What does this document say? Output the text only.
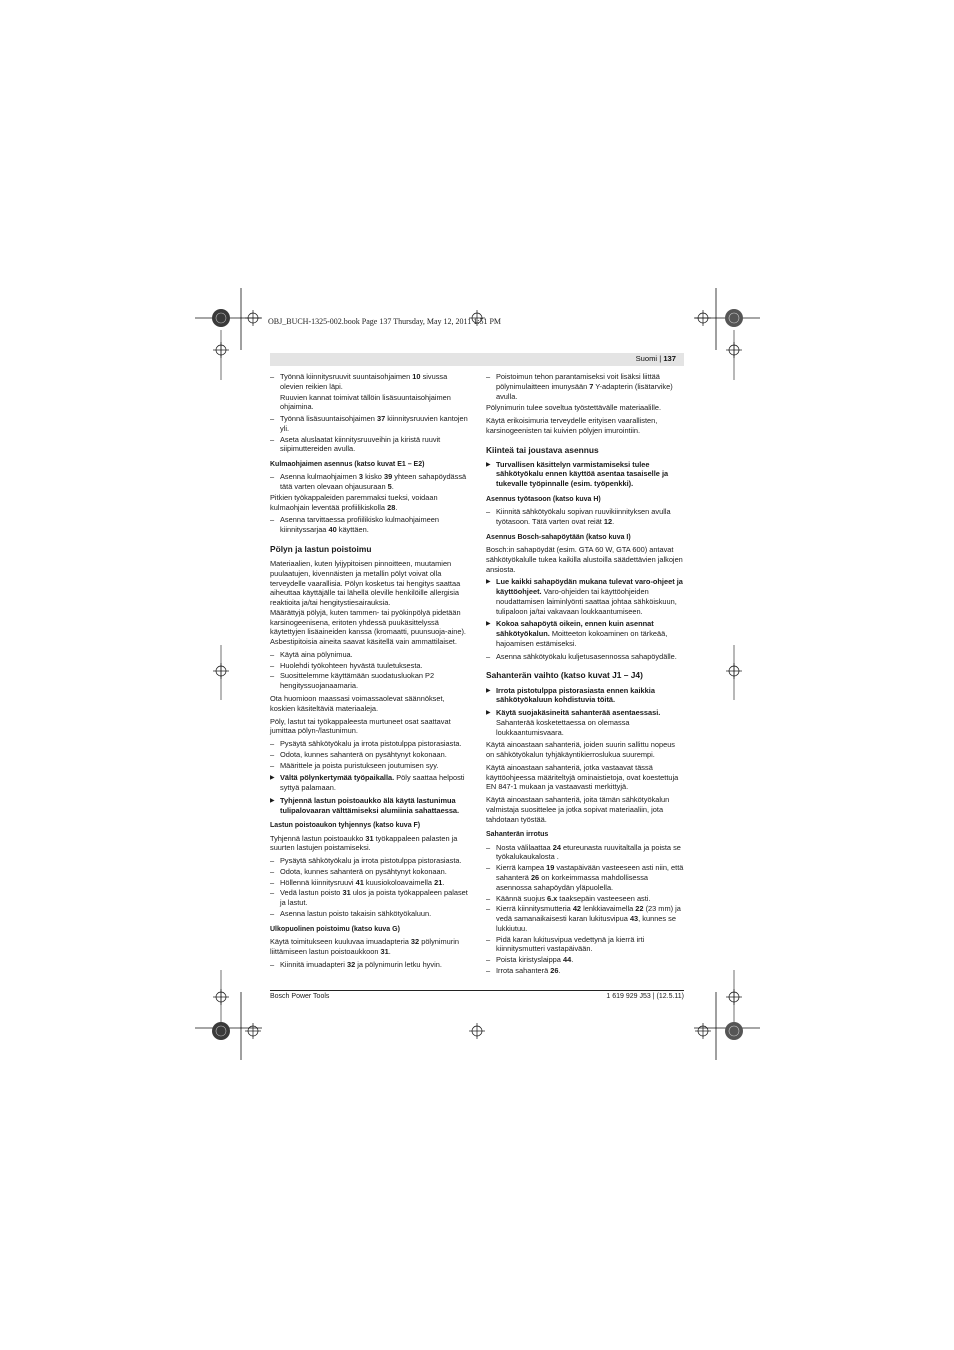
OBJ_BUCH-1325-002.book Page 137 Thursday, May 12, 2011 1:51 PM
Suomi | 137
– Työnnä kiinnitysruuvit suuntaisohjaimen 10 sivussa olevien reikien läpi.
Ruuvien kannat toimivat tällöin lisäsuuntaisohjaimen ohjaimina.
– Työnnä lisäsuuntaisohjaimen 37 kiinnitysruuvien kantojen yli.
– Aseta aluslaatat kiinnitysruuveihin ja kiristä ruuvit siipimuttereiden avulla.
Kulmaohjaimen asennus (katso kuvat E1 – E2)
– Asenna kulmaohjaimen 3 kisko 39 yhteen sahapöydässä tätä varten olevaan ohjausuraan 5.

Pitkien työkappaleiden paremmaksi tueksi, voidaan kulmaohjain leventää profiilikiskolla 28.

– Asenna tarvittaessa profiilikisko kulmaohjaimeen kiinnityssarjaa 40 käyttäen.
Pölyn ja lastun poistoimu

Materiaalien, kuten lyijypitoisen pinnoitteen, muutamien puulaatujen, kivennäisten ja metallin pölyt voivat olla terveydelle vaarallisia. Pölyn kosketus tai hengitys saattaa aiheuttaa käyttäjälle tai lähellä oleville henkilöille allergisia reaktioita ja/tai hengitystiesairauksia.

Määrättyjä pölyjä, kuten tammen- tai pyökinpölyä pidetään karsinogeenisena, eritoten yhdessä puukäsittelyssä käytettyjen lisäaineiden kanssa (kromaatti, puunsuoja-aine). Asbestipitoisia aineita saavat käsitellä vain ammattilaiset.

– Käytä aina pölynimua.
– Huolehdi työkohteen hyvästä tuuletuksesta.
– Suosittelemme käyttämään suodatusluokan P2 hengityssuojanaamaria.

Ota huomioon maassasi voimassaolevat säännökset, koskien käsiteltäviä materiaaleja.

Pöly, lastut tai työkappaleesta murtuneet osat saattavat jumittaa pölyn-/lastunimun.

– Pysäytä sähkötyökalu ja irrota pistotulppa pistorasiasta.
– Odota, kunnes sahanterä on pysähtynyt kokonaan.
– Määrittele ja poista puristukseen joutumisen syy.
▶ Vältä pölynkertymää työpaikalla. Pöly saattaa helposti syttyä palamaan.
▶ Tyhjennä lastun poistoaukko älä käytä lastunimua tulipalovaaran välttämiseksi alumiinia sahattaessa.
Lastun poistoaukon tyhjennys (katso kuva F)

Tyhjennä lastun poistoaukko 31 työkappaleen palasten ja suurten lastujen poistamiseksi.

– Pysäytä sähkötyökalu ja irrota pistotulppa pistorasiasta.
– Odota, kunnes sahanterä on pysähtynyt kokonaan.
– Höllennä kiinnitysruuvi 41 kuusiokoloavaimella 21.
– Vedä lastun poisto 31 ulos ja poista työkappaleen palaset ja lastut.
– Asenna lastun poisto takaisin sähkötyökaluun.
Ulkopuolinen poistoimu (katso kuva G)

Käytä toimitukseen kuuluvaa imuadapteria 32 pölynimurin liittämiseen lastun poistoaukkoon 31.

– Kiinnitä imuadapteri 32 ja pölynimurin letku hyvin.
– Poistoimun tehon parantamiseksi voit lisäksi liittää pölynimulaitteen imunysään 7 Y-adapterin (lisätarvike) avulla.

Pölynimurin tulee soveltua työstettävälle materiaalille.

Käytä erikoisimuria terveydelle erityisen vaarallisten, karsinogeenisten tai kuivien pölyjen imurointiin.

Kiinteä tai joustava asennus
▶ Turvallisen käsittelyn varmistamiseksi tulee sähkötyökalu ennen käyttöä asentaa tasaiselle ja tukevalle työpinnalle (esim. työpenkki).
Asennus työtasoon (katso kuva H)
– Kiinnitä sähkötyökalu sopivan ruuvikiinnityksen avulla työtasoon. Tätä varten ovat reiät 12.
Asennus Bosch-sahapöytään (katso kuva I)

Bosch:in sahapöydät (esim. GTA 60 W, GTA 600) antavat sähkötyökalulle tukea kaikilla alustoilla säädettävien jalkojen ansiosta.

▶ Lue kaikki sahapöydän mukana tulevat varo-ohjeet ja käyttöohjeet. Varo-ohjeiden tai käyttöohjeiden noudattamisen laiminlyönti saattaa johtaa sähköiskuun, tulipaloon ja/tai vakavaan loukkaantumiseen.
▶ Kokoa sahapöytä oikein, ennen kuin asennat sähkötyökalun. Moitteeton kokoaminen on tärkeää, hajoamisen estämiseksi.
– Asenna sähkötyökalu kuljetusasennossa sahapöydälle.
Sahanterän vaihto (katso kuvat J1 – J4)
▶ Irrota pistotulppa pistorasiasta ennen kaikkia sähkötyökaluun kohdistuvia töitä.
▶ Käytä suojakäsineitä sahanterää asentaessasi. Sahanterää kosketettaessa on olemassa loukkaantumisvaara.

Käytä ainoastaan sahanteriä, joiden suurin sallittu nopeus on sähkötyökalun tyhjäkäyntikierroslukua suurempi.

Käytä ainoastaan sahanteriä, jotka vastaavat tässä käyttöohjeessa määriteltyjä ominaistietoja, ovat koestettuja EN 847-1 mukaan ja vastaavasti merkittyjä.

Käytä ainoastaan sahanteriä, joita tämän sähkötyökalun valmistaja suosittelee ja jotka sopivat materiaaliin, jota tahdotaan työstää.

Sahanterän irrotus
– Nosta välilaattaa 24 etureunasta ruuvitaltalla ja poista se työkalukaukalosta .
– Kierrä kampea 19 vastapäivään vasteeseen asti niin, että sahanterä 26 on korkeimmassa mahdollisessa asennossa sahapöydän yläpuolella.
– Käännä suojus 6.x taaksepäin vasteeseen asti.
– Kierrä kiinnitysmutteria 42 lenkkiavaimella 22 (23 mm) ja vedä samanaikaisesti karan lukitusvipua 43, kunnes se lukkiutuu.
– Pidä karan lukitusvipua vedettynä ja kierrä irti kiinnitysmutteri vastapäivään.
– Poista kiristyslaippa 44.
– Irrota sahanterä 26.
Bosch Power Tools	1 619 929 J53 | (12.5.11)
